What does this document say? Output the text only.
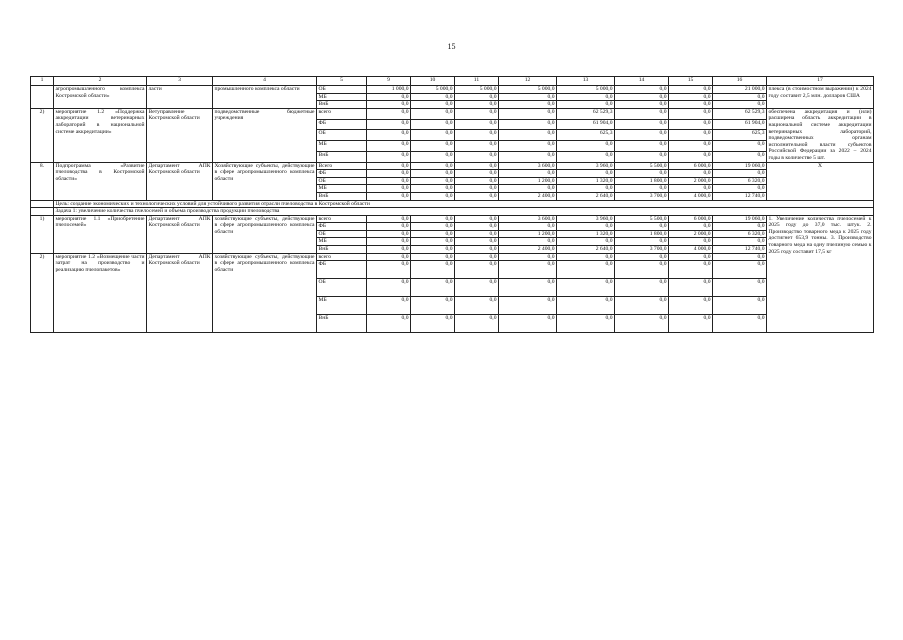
15
1	2	3	4	5	9	10	11	12	13	14	15	16	17
	агропромышленного комплекса Костромской области»	ласти	промышленного комплекса области	ОБ	1 000,0	5 000,0	5 000,0	5 000,0	5 000,0	0,0	0,0	21 000,0	плекса (в стоимостном выражении) к 2024 году составит 2,5 млн. долларов США
				МБ	0,0	0,0	0,0	0,0	0,0	0,0	0,0	0,0	
				ВнБ	0,0	0,0	0,0	0,0	0,0	0,0	0,0	0,0	
2)	мероприятие 1.2 «Поддержка аккредитации ветеринарных лабораторий в национальной системе аккредитации»	Ветуправление Костромской области	подведомственные бюджетные учреждения	всего	0,0	0,0	0,0	0,0	62 529,3	0,0	0,0	62 529,3	обеспечена аккредитация и (или) расширена область аккредитации в национальной системе аккредитации ветеринарных лабораторий, подведомственных органам исполнительной власти субъектов Российской Федерации за 2022 – 2024 годы в количестве 5 шт.
				ФБ	0,0	0,0	0,0	0,0	61 904,0	0,0	0,0	61 904,0	
				ОБ	0,0	0,0	0,0	0,0	625,3	0,0	0,0	625,3	
				МБ	0,0	0,0	0,0	0,0	0,0	0,0	0,0	0,0	
				ВнБ	0,0	0,0	0,0	0,0	0,0	0,0	0,0	0,0	
8.	Подпрограмма «Развитие пчеловодства в Костромской области»	Департамент АПК Костромской области	Хозяйствующие субъекты, действующие в сфере агропромышленного комплекса области	Всего	0,0	0,0	0,0	3 600,0	3 960,0	5 500,0	6 000,0	19 060,0	X
				ФБ	0,0	0,0	0,0	0,0	0,0	0,0	0,0	0,0	
				ОБ	0,0	0,0	0,0	1 200,0	1 320,0	1 800,0	2 000,0	6 320,0	
				МБ	0,0	0,0	0,0	0,0	0,0	0,0	0,0	0,0	
				ВнБ	0,0	0,0	0,0	2 400,0	2 640,0	3 700,0	4 000,0	12 740,0	
	Цель: создание экономических и технологических условий для устойчивого развития отрасли пчеловодства в Костромской области												
	Задача 1: увеличение количества пчелосемей и объема производства продукции пчеловодства												
1)	мероприятие 1.1 «Приобретение пчелосемей»	Департамент АПК Костромской области	хозяйствующие субъекты, действующие в сфере агропромышленного комплекса области	всего	0,0	0,0	0,0	3 600,0	3 960,0	5 500,0	6 000,0	19 060,0	1. Увеличение количества пчелосемей к 2025 году до 37,0 тыс. штук. 2. Производство товарного меда к 2025 году достигнет 653,9 тонны. 3. Производство товарного меда на одну пчелиную семью к 2025 году составит 17,5 кг
				ФБ	0,0	0,0	0,0	0,0	0,0	0,0	0,0	0,0	
				ОБ	0,0	0,0	0,0	1 200,0	1 320,0	1 800,0	2 000,0	6 320,0	
				МБ	0,0	0,0	0,0	0,0	0,0	0,0	0,0	0,0	
				ВнБ	0,0	0,0	0,0	2 400,0	2 640,0	3 700,0	4 000,0	12 740,0	
2)	мероприятие 1.2 «Возмещение части затрат на производство и реализацию пчелопакетов»	Департамент АПК Костромской области	хозяйствующие субъекты, действующие в сфере агропромышленного комплекса области	всего	0,0	0,0	0,0	0,0	0,0	0,0	0,0	0,0	
				ФБ	0,0	0,0	0,0	0,0	0,0	0,0	0,0	0,0	
				ОБ	0,0	0,0	0,0	0,0	0,0	0,0	0,0	0,0	
				МБ	0,0	0,0	0,0	0,0	0,0	0,0	0,0	0,0	
				ВнБ	0,0	0,0	0,0	0,0	0,0	0,0	0,0	0,0	
